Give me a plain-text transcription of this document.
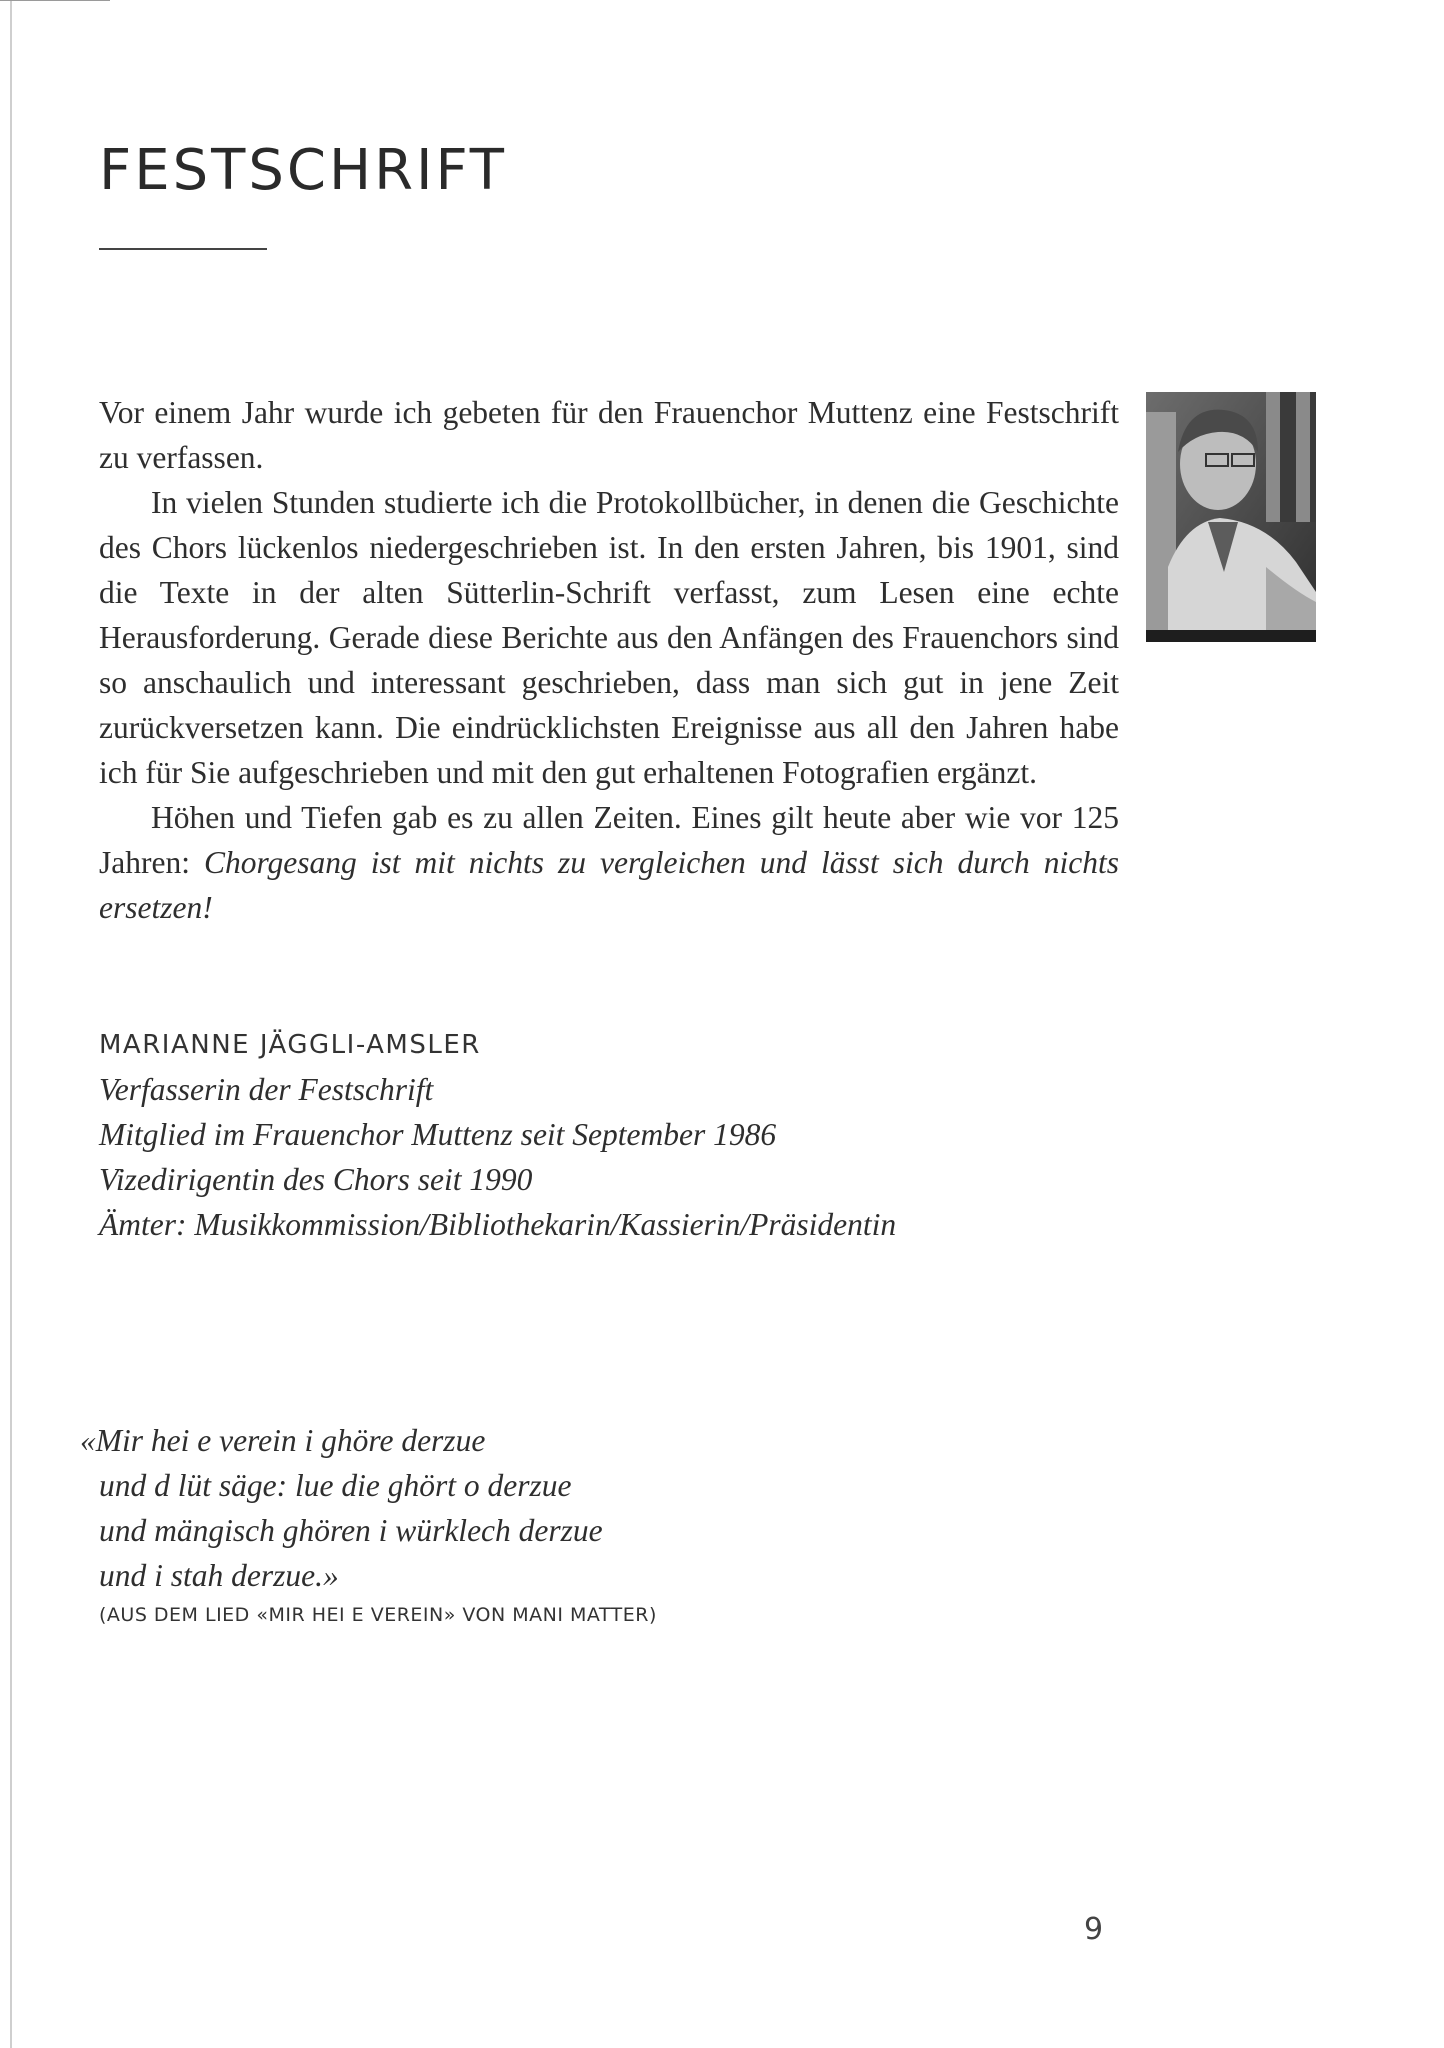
FESTSCHRIFT

Vor einem Jahr wurde ich gebeten für den Frauenchor Muttenz eine Festschrift zu verfassen.

In vielen Stunden studierte ich die Protokollbücher, in denen die Geschichte des Chors lückenlos niedergeschrieben ist. In den ersten Jahren, bis 1901, sind die Texte in der alten Sütterlin-Schrift verfasst, zum Lesen eine echte Herausforderung. Gerade diese Berichte aus den Anfängen des Frauenchors sind so anschaulich und interessant geschrieben, dass man sich gut in jene Zeit zurückversetzen kann. Die eindrücklichsten Ereignisse aus all den Jahren habe ich für Sie aufgeschrieben und mit den gut erhaltenen Fotografien ergänzt.

Höhen und Tiefen gab es zu allen Zeiten. Eines gilt heute aber wie vor 125 Jahren: Chorgesang ist mit nichts zu vergleichen und lässt sich durch nichts ersetzen!

MARIANNE JÄGGLI-AMSLER
Verfasserin der Festschrift
Mitglied im Frauenchor Muttenz seit September 1986
Vizedirigentin des Chors seit 1990
Ämter: Musikkommission/Bibliothekarin/Kassierin/Präsidentin
«Mir hei e verein i ghöre derzue
und d lüt säge: lue die ghört o derzue
und mängisch ghören i würklech derzue
und i stah derzue.»
(AUS DEM LIED «MIR HEI E VEREIN» VON MANI MATTER)
9
